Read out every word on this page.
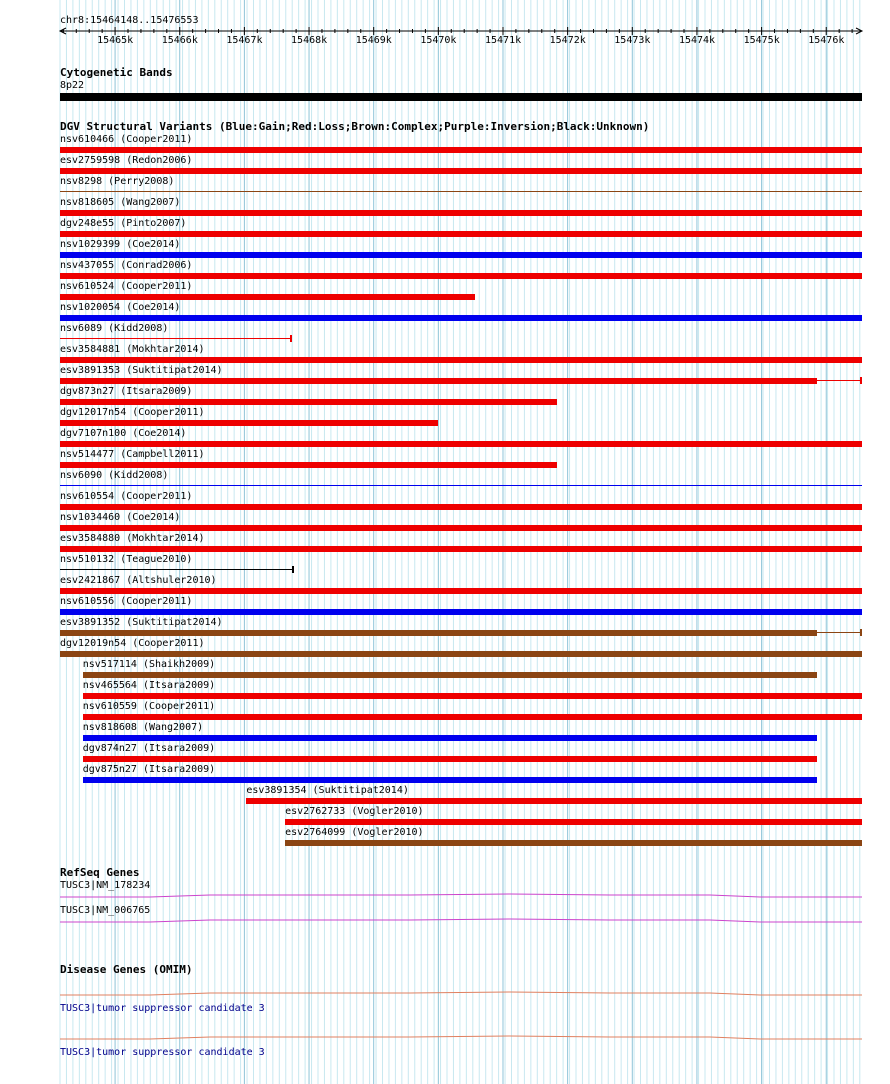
chr8:15464148..15476553
15465k	15466k	15467k	15468k	15469k	15470k	15471k	15472k	15473k	15474k	15475k	15476k
Cytogenetic Bands
8p22
DGV Structural Variants (Blue:Gain;Red:Loss;Brown:Complex;Purple:Inversion;Black:Unknown)
nsv610466 (Cooper2011)
esv2759598 (Redon2006)
nsv8298 (Perry2008)
nsv818605 (Wang2007)
dgv248e55 (Pinto2007)
nsv1029399 (Coe2014)
nsv437055 (Conrad2006)
nsv610524 (Cooper2011)
nsv1020054 (Coe2014)
nsv6089 (Kidd2008)
esv3584881 (Mokhtar2014)
esv3891353 (Suktitipat2014)
dgv873n27 (Itsara2009)
dgv12017n54 (Cooper2011)
dgv7107n100 (Coe2014)
nsv514477 (Campbell2011)
nsv6090 (Kidd2008)
nsv610554 (Cooper2011)
nsv1034460 (Coe2014)
esv3584880 (Mokhtar2014)
nsv510132 (Teague2010)
esv2421867 (Altshuler2010)
nsv610556 (Cooper2011)
esv3891352 (Suktitipat2014)
dgv12019n54 (Cooper2011)
nsv517114 (Shaikh2009)
nsv465564 (Itsara2009)
nsv610559 (Cooper2011)
nsv818608 (Wang2007)
dgv874n27 (Itsara2009)
dgv875n27 (Itsara2009)
esv3891354 (Suktitipat2014)
esv2762733 (Vogler2010)
esv2764099 (Vogler2010)
RefSeq Genes
TUSC3|NM_178234
TUSC3|NM_006765
Disease Genes (OMIM)
TUSC3|tumor suppressor candidate 3
TUSC3|tumor suppressor candidate 3
